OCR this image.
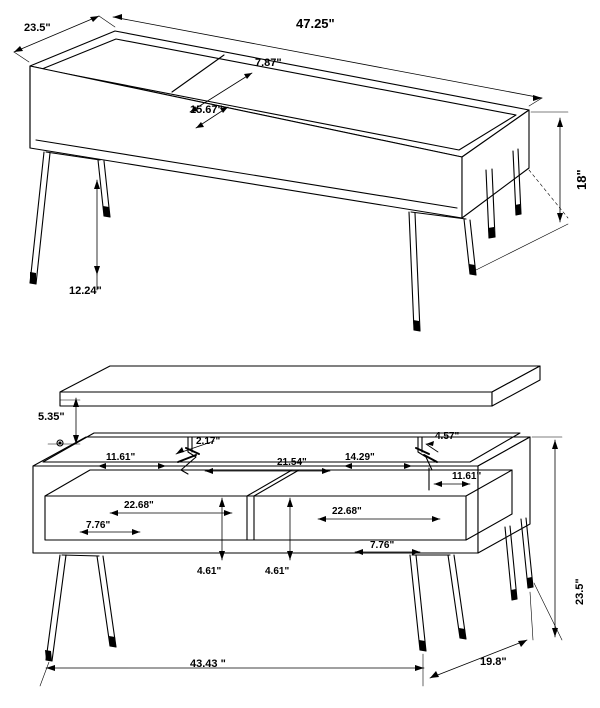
23.5"	47.25"
7.87"
15.67"
18"
12.24"
5.35"
2.17"	4.57"
11.61"	21.54"	14.29"
11.61"
22.68"
22.68"
7.76"
7.76"
4.61"	4.61"
23.5"
43.43 "	19.8"
